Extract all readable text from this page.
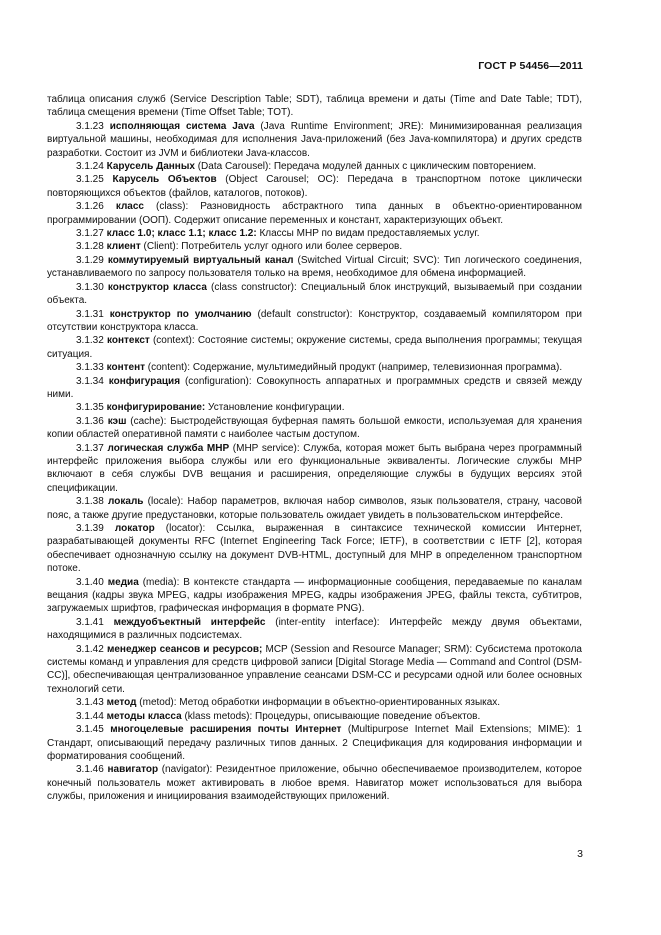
ГОСТ Р 54456—2011

таблица описания служб (Service Description Table; SDT), таблица времени и даты (Time and Date Table; TDT), таблица смещения времени (Time Offset Table; TOT).

3.1.23 исполняющая система Java (Java Runtime Environment; JRE): Минимизированная реализация виртуальной машины, необходимая для исполнения Java-приложений (без Java-компилятора) и других средств разработки. Состоит из JVM и библиотеки Java-классов.

3.1.24 Карусель Данных (Data Carousel): Передача модулей данных с циклическим повторением.

3.1.25 Карусель Объектов (Object Carousel; OC): Передача в транспортном потоке циклически повторяющихся объектов (файлов, каталогов, потоков).

3.1.26 класс (class): Разновидность абстрактного типа данных в объектно-ориентированном программировании (ООП). Содержит описание переменных и констант, характеризующих объект.

3.1.27 класс 1.0; класс 1.1; класс 1.2: Классы MHP по видам предоставляемых услуг.

3.1.28 клиент (Client): Потребитель услуг одного или более серверов.

3.1.29 коммутируемый виртуальный канал (Switched Virtual Circuit; SVC): Тип логического соединения, устанавливаемого по запросу пользователя только на время, необходимое для обмена информацией.

3.1.30 конструктор класса (class constructor): Специальный блок инструкций, вызываемый при создании объекта.

3.1.31 конструктор по умолчанию (default constructor): Конструктор, создаваемый компилятором при отсутствии конструктора класса.

3.1.32 контекст (context): Состояние системы; окружение системы, среда выполнения программы; текущая ситуация.

3.1.33 контент (content): Содержание, мультимедийный продукт (например, телевизионная программа).

3.1.34 конфигурация (configuration): Совокупность аппаратных и программных средств и связей между ними.

3.1.35 конфигурирование: Установление конфигурации.

3.1.36 кэш (cache): Быстродействующая буферная память большой емкости, используемая для хранения копии областей оперативной памяти с наиболее частым доступом.

3.1.37 логическая служба MHP (MHP service): Служба, которая может быть выбрана через программный интерфейс приложения выбора службы или его функциональные эквиваленты. Логические службы MHP включают в себя службы DVB вещания и расширения, определяющие службы в будущих версиях этой спецификации.

3.1.38 локаль (locale): Набор параметров, включая набор символов, язык пользователя, страну, часовой пояс, а также другие предустановки, которые пользователь ожидает увидеть в пользовательском интерфейсе.

3.1.39 локатор (locator): Ссылка, выраженная в синтаксисе технической комиссии Интернет, разрабатывающей документы RFC (Internet Engineering Tack Force; IETF), в соответствии с IETF [2], которая обеспечивает однозначную ссылку на документ DVB-HTML, доступный для MHP в определенном транспортном потоке.

3.1.40 медиа (media): В контексте стандарта — информационные сообщения, передаваемые по каналам вещания (кадры звука MPEG, кадры изображения MPEG, кадры изображения JPEG, файлы текста, субтитров, загружаемых шрифтов, графическая информация в формате PNG).

3.1.41 междуобъектный интерфейс (inter-entity interface): Интерфейс между двумя объектами, находящимися в различных подсистемах.

3.1.42 менеджер сеансов и ресурсов; MCP (Session and Resource Manager; SRM): Субсистема протокола системы команд и управления для средств цифровой записи [Digital Storage Media — Command and Control (DSM-CC)], обеспечивающая централизованное управление сеансами DSM-CC и ресурсами одной или более основных технологий сети.

3.1.43 метод (metod): Метод обработки информации в объектно-ориентированных языках.

3.1.44 методы класса (klass metods): Процедуры, описывающие поведение объектов.

3.1.45 многоцелевые расширения почты Интернет (Multipurpose Internet Mail Extensions; MIME): 1 Стандарт, описывающий передачу различных типов данных. 2 Спецификация для кодирования информации и форматирования сообщений.

3.1.46 навигатор (navigator): Резидентное приложение, обычно обеспечиваемое производителем, которое конечный пользователь может активировать в любое время. Навигатор может использоваться для выбора службы, приложения и инициирования взаимодействующих приложений.

3
